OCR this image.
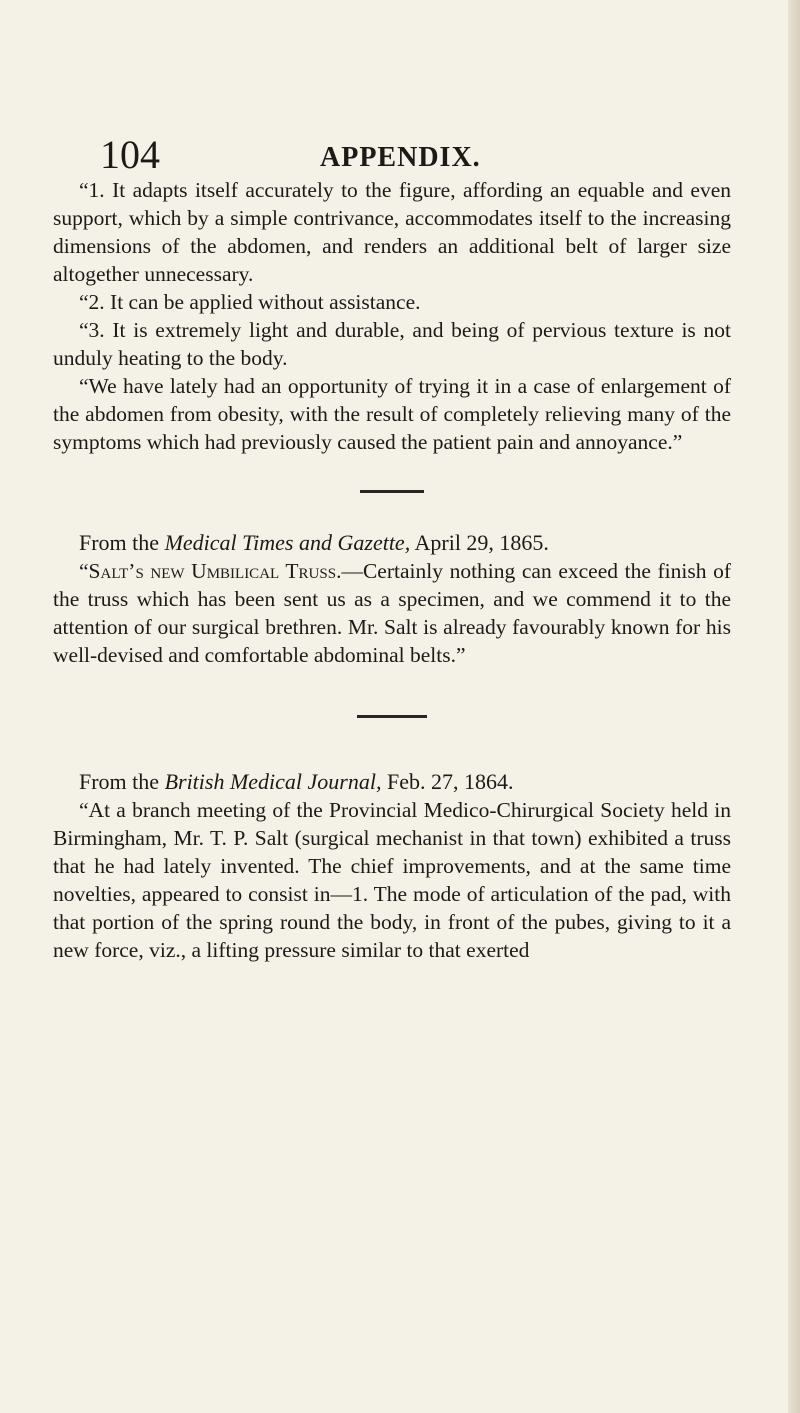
104	APPENDIX.

“1. It adapts itself accurately to the figure, affording an equable and even support, which by a simple contrivance, accommodates itself to the increasing dimensions of the abdomen, and renders an additional belt of larger size altogether unnecessary.

“2. It can be applied without assistance.

“3. It is extremely light and durable, and being of pervious texture is not unduly heating to the body.

“We have lately had an opportunity of trying it in a case of enlargement of the abdomen from obesity, with the result of completely relieving many of the symptoms which had previously caused the patient pain and annoyance.”

From the Medical Times and Gazette, April 29, 1865.

“Salt’s new Umbilical Truss.—Certainly nothing can exceed the finish of the truss which has been sent us as a specimen, and we commend it to the attention of our surgical brethren. Mr. Salt is already favourably known for his well-devised and comfortable abdominal belts.”

From the British Medical Journal, Feb. 27, 1864.

“At a branch meeting of the Provincial Medico-Chirurgical Society held in Birmingham, Mr. T. P. Salt (surgical mechanist in that town) exhibited a truss that he had lately invented. The chief improvements, and at the same time novelties, appeared to consist in—1. The mode of articulation of the pad, with that portion of the spring round the body, in front of the pubes, giving to it a new force, viz., a lifting pressure similar to that exerted
